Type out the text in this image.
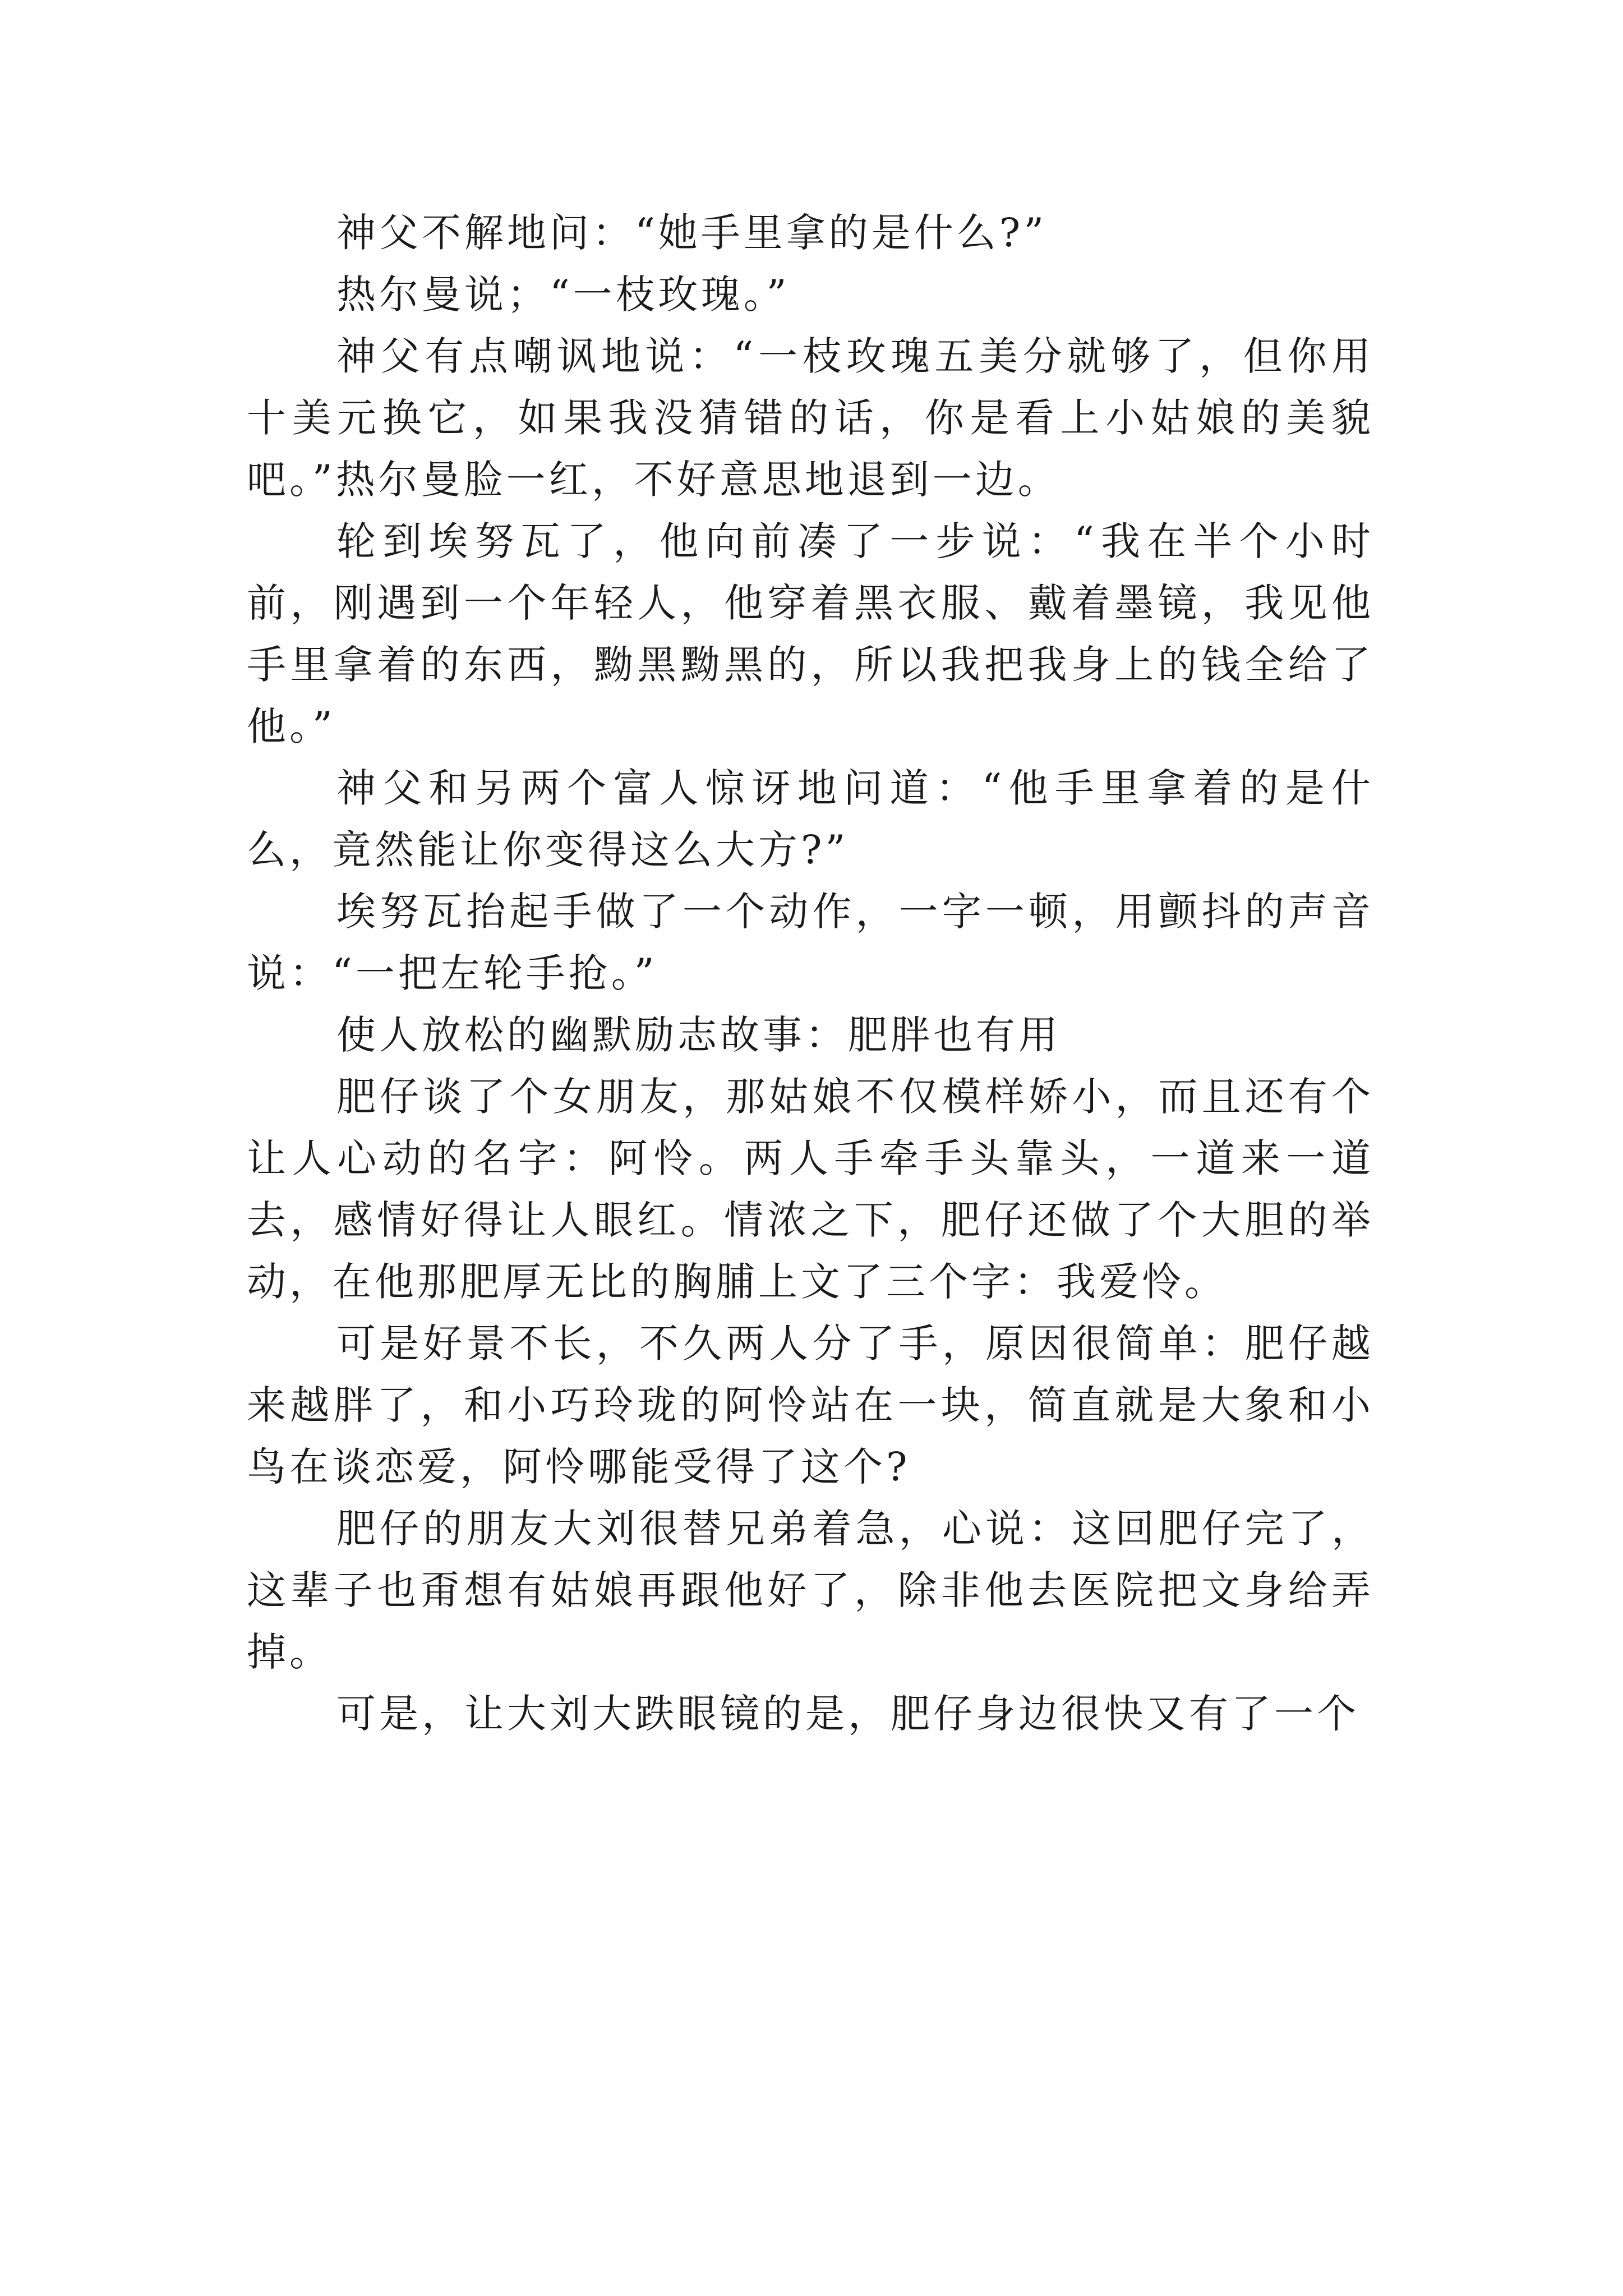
神父不解地问：“她手里拿的是什么?”

热尔曼说；“一枝玫瑰。”

神父有点嘲讽地说：“一枝玫瑰五美分就够了，但你用十美元换它，如果我没猜错的话，你是看上小姑娘的美貌吧。”热尔曼脸一红，不好意思地退到一边。

轮到埃努瓦了，他向前凑了一步说：“我在半个小时前，刚遇到一个年轻人，他穿着黑衣服、戴着墨镜，我见他手里拿着的东西，黝黑黝黑的，所以我把我身上的钱全给了他。”

神父和另两个富人惊讶地问道：“他手里拿着的是什么，竟然能让你变得这么大方?”

埃努瓦抬起手做了一个动作，一字一顿，用颤抖的声音说：“一把左轮手抢。”

使人放松的幽默励志故事：肥胖也有用

肥仔谈了个女朋友，那姑娘不仅模样娇小，而且还有个让人心动的名字：阿怜。两人手牵手头靠头，一道来一道去，感情好得让人眼红。情浓之下，肥仔还做了个大胆的举动，在他那肥厚无比的胸脯上文了三个字：我爱怜。

可是好景不长，不久两人分了手，原因很简单：肥仔越来越胖了，和小巧玲珑的阿怜站在一块，简直就是大象和小鸟在谈恋爱，阿怜哪能受得了这个?

肥仔的朋友大刘很替兄弟着急，心说：这回肥仔完了，这辈子也甭想有姑娘再跟他好了，除非他去医院把文身给弄掉。

可是，让大刘大跌眼镜的是，肥仔身边很快又有了一个
